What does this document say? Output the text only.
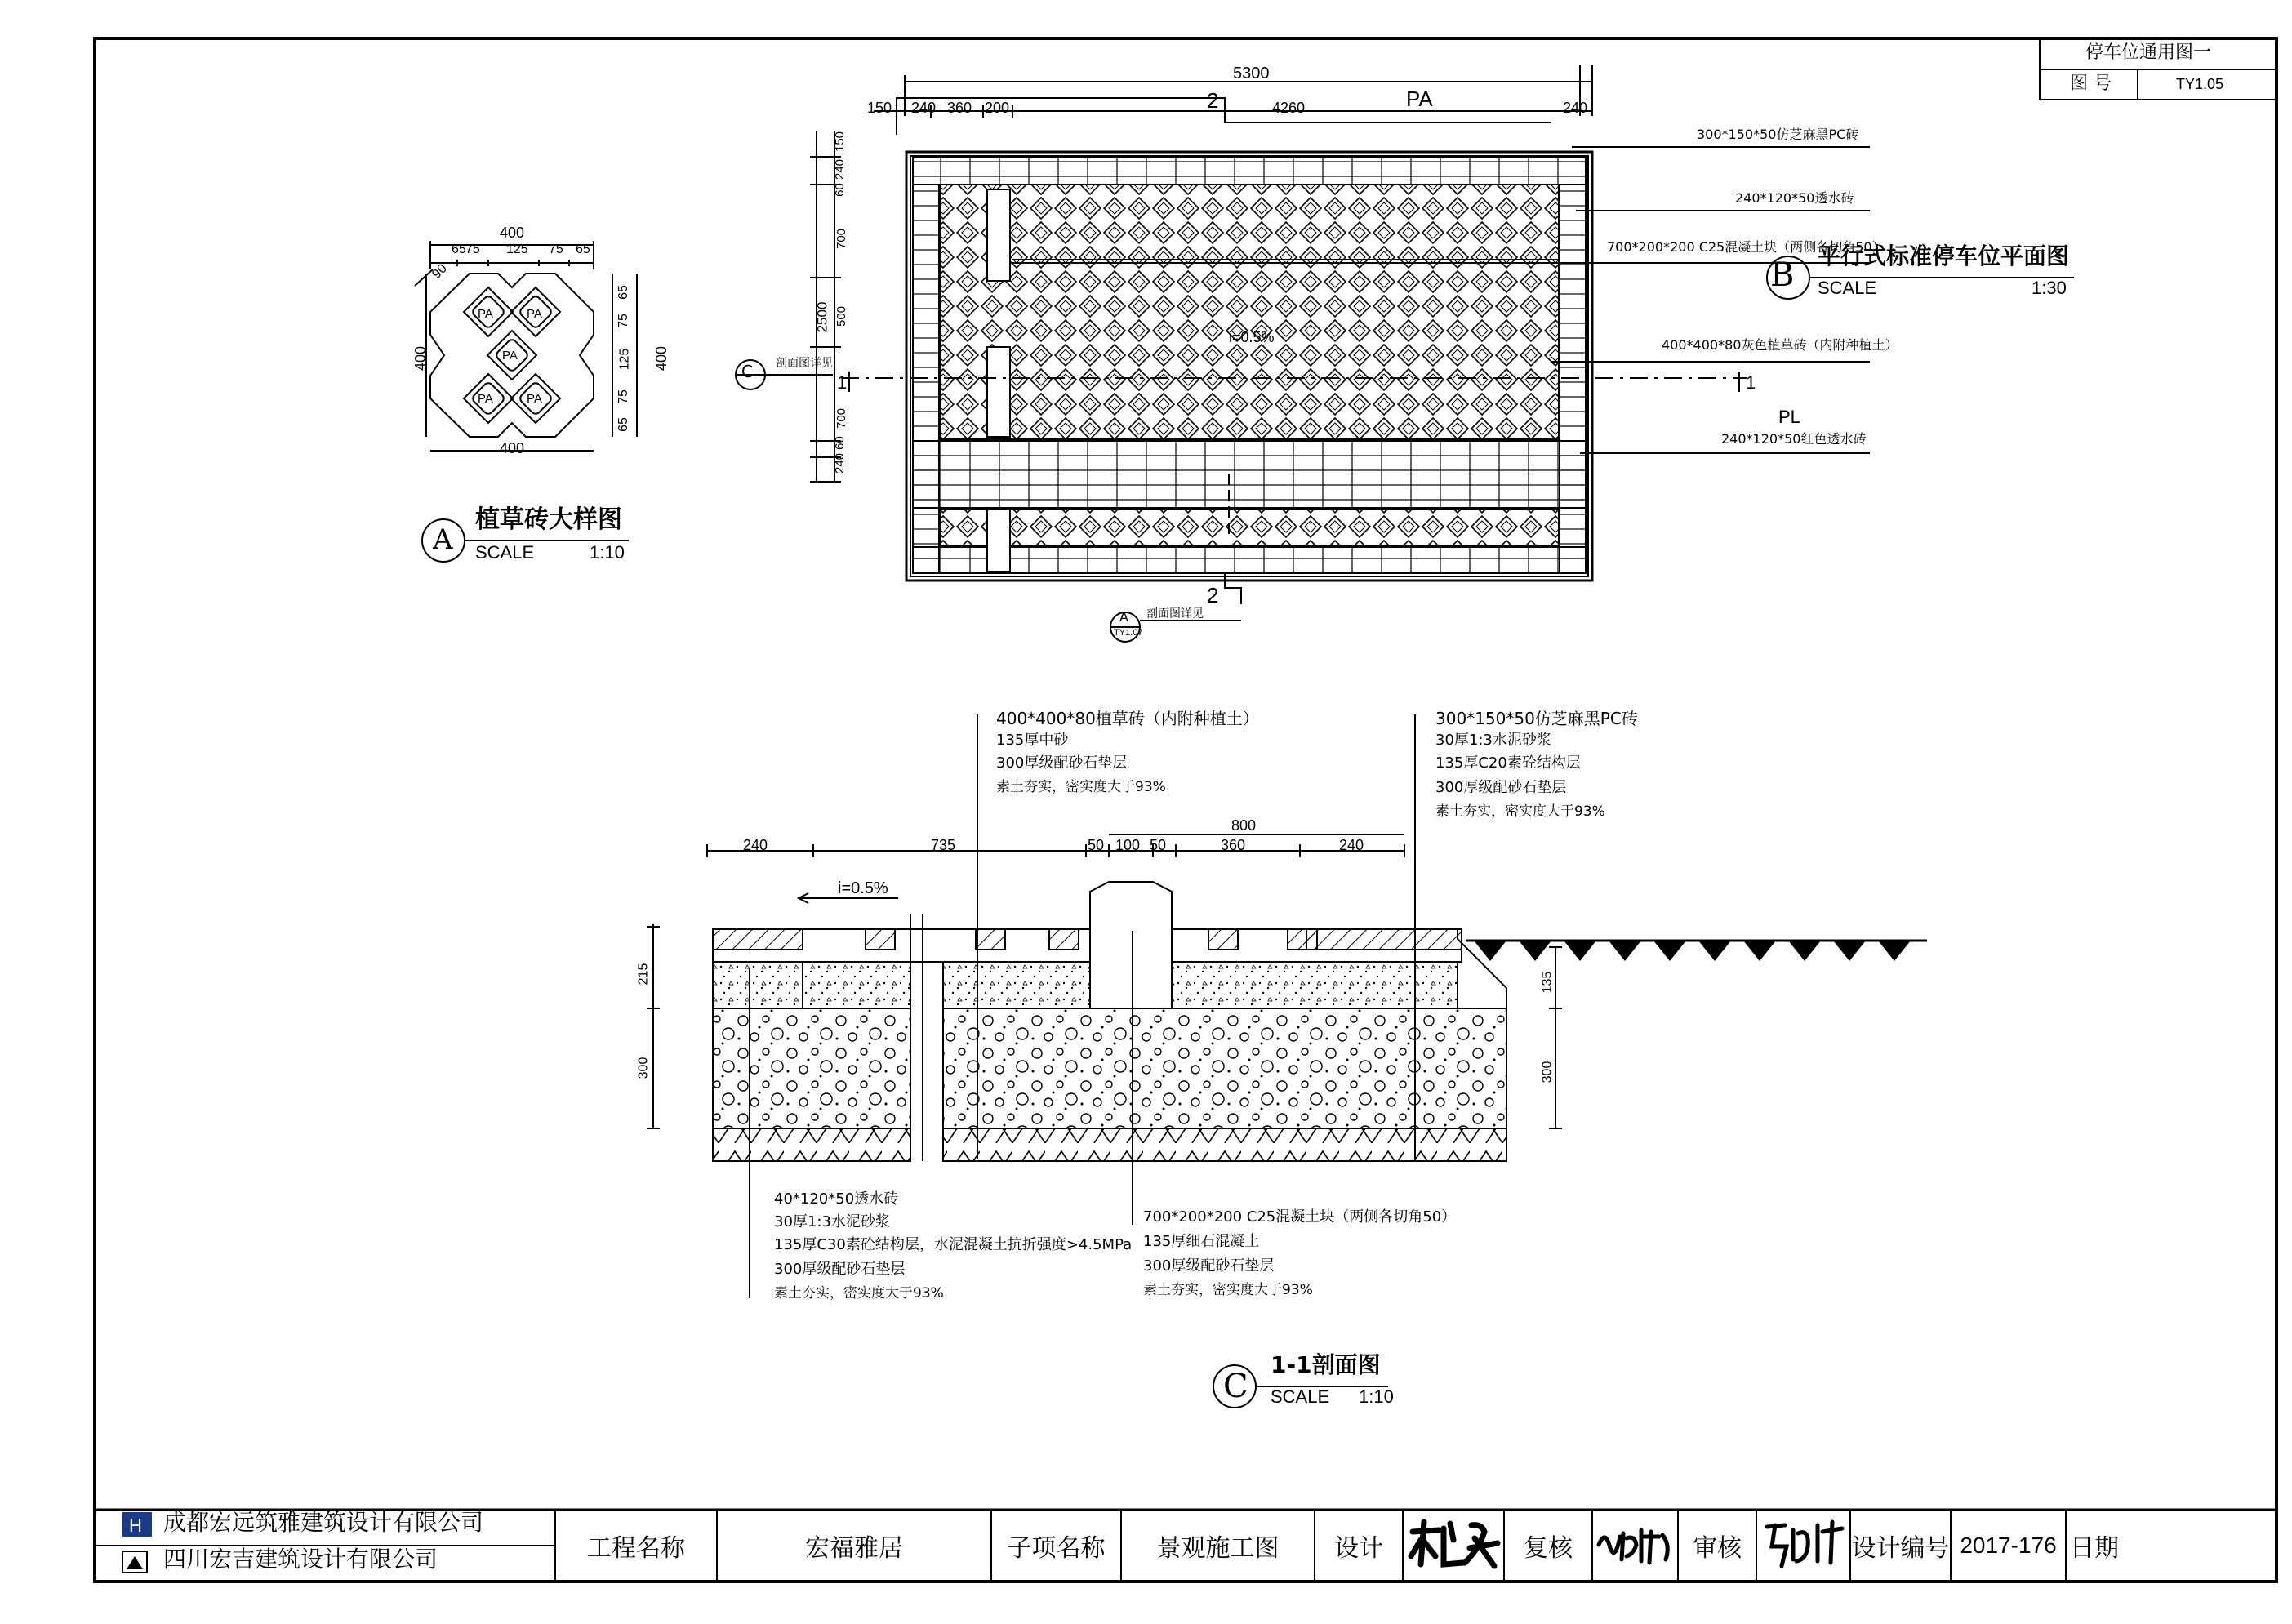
H
停车位通用图一
图 号	TY1.05
400
65 75 125 75 65
90
400	400
65
75
125
75
65
400
PA	PA
PA
PA	PA
A
植草砖大样图
SCALE	1:10
5300
150 240 360 200	4260	240
2	PA
PL
i=0.5%
1	1
2
150
240
60
700
500
2500
700
60
240
C 剖面图详见
A
TY1.07
剖面图详见
300*150*50仿芝麻黑PC砖
240*120*50透水砖
700*200*200 C25混凝土块（两侧各切角50）
400*400*80灰色植草砖（内附种植土）
240*120*50红色透水砖
B
平行式标准停车位平面图
SCALE	1:30
240	735	50 100 50	360	240
800
i=0.5%
215
300
135
300
400*400*80植草砖（内附种植土）
135厚中砂
300厚级配砂石垫层
素土夯实，密实度大于93%
300*150*50仿芝麻黑PC砖
30厚1:3水泥砂浆
135厚C20素砼结构层
300厚级配砂石垫层
素土夯实，密实度大于93%
40*120*50透水砖
30厚1:3水泥砂浆
135厚C30素砼结构层，水泥混凝土抗折强度>4.5MPa
300厚级配砂石垫层
素土夯实，密实度大于93%
700*200*200 C25混凝土块（两侧各切角50）
135厚细石混凝土
300厚级配砂石垫层
素土夯实，密实度大于93%
C
1-1剖面图
SCALE 1:10
成都宏远筑雅建筑设计有限公司
四川宏吉建筑设计有限公司	工程名称	宏福雅居	子项名称	景观施工图	设计	复核	审核	设计编号 2017-176 日期
